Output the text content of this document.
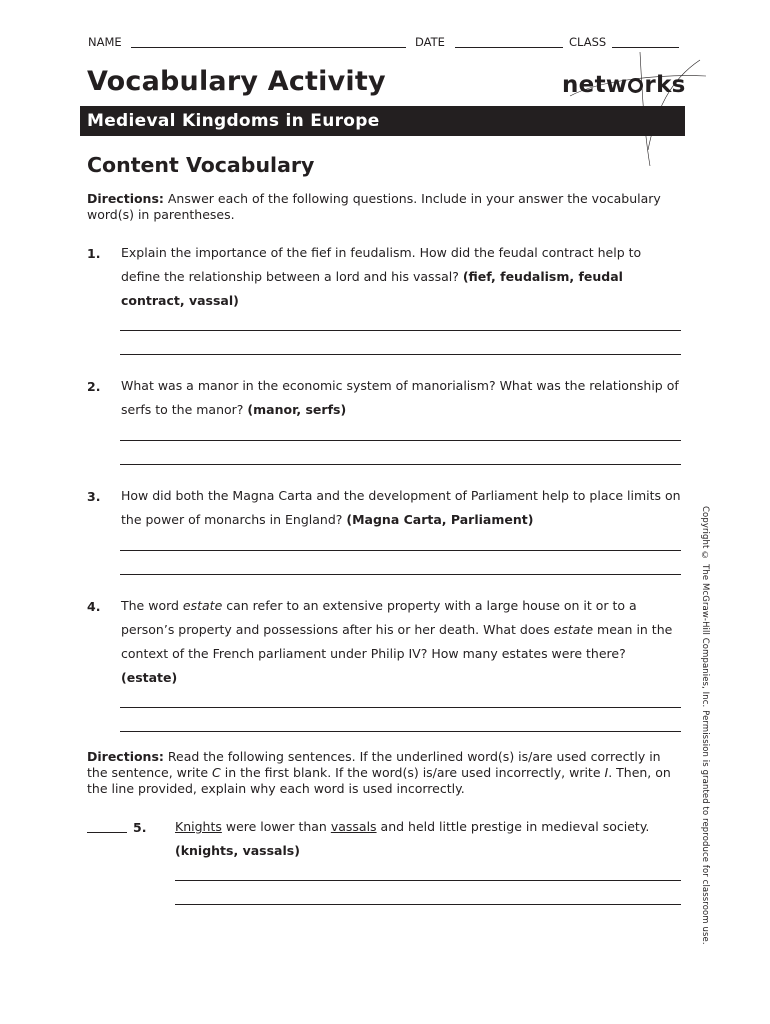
NAME	DATE	CLASS
Vocabulary Activity	netw rks
Medieval Kingdoms in Europe
Content Vocabulary
Directions: Answer each of the following questions. Include in your answer the vocabulary word(s) in parentheses.
1. Explain the importance of the fief in feudalism. How did the feudal contract help to define the relationship between a lord and his vassal? (fief, feudalism, feudal contract, vassal)
2. What was a manor in the economic system of manorialism? What was the relationship of serfs to the manor? (manor, serfs)
3. How did both the Magna Carta and the development of Parliament help to place limits on the power of monarchs in England? (Magna Carta, Parliament)
4. The word estate can refer to an extensive property with a large house on it or to a person’s property and possessions after his or her death. What does estate mean in the context of the French parliament under Philip IV? How many estates were there? (estate)
Directions: Read the following sentences. If the underlined word(s) is/are used correctly in the sentence, write C in the first blank. If the word(s) is/are used incorrectly, write I. Then, on the line provided, explain why each word is used incorrectly.
5. Knights were lower than vassals and held little prestige in medieval society.
(knights, vassals)	Copyright © The McGraw-Hill Companies, Inc. Permission is granted to reproduce for classroom use.
